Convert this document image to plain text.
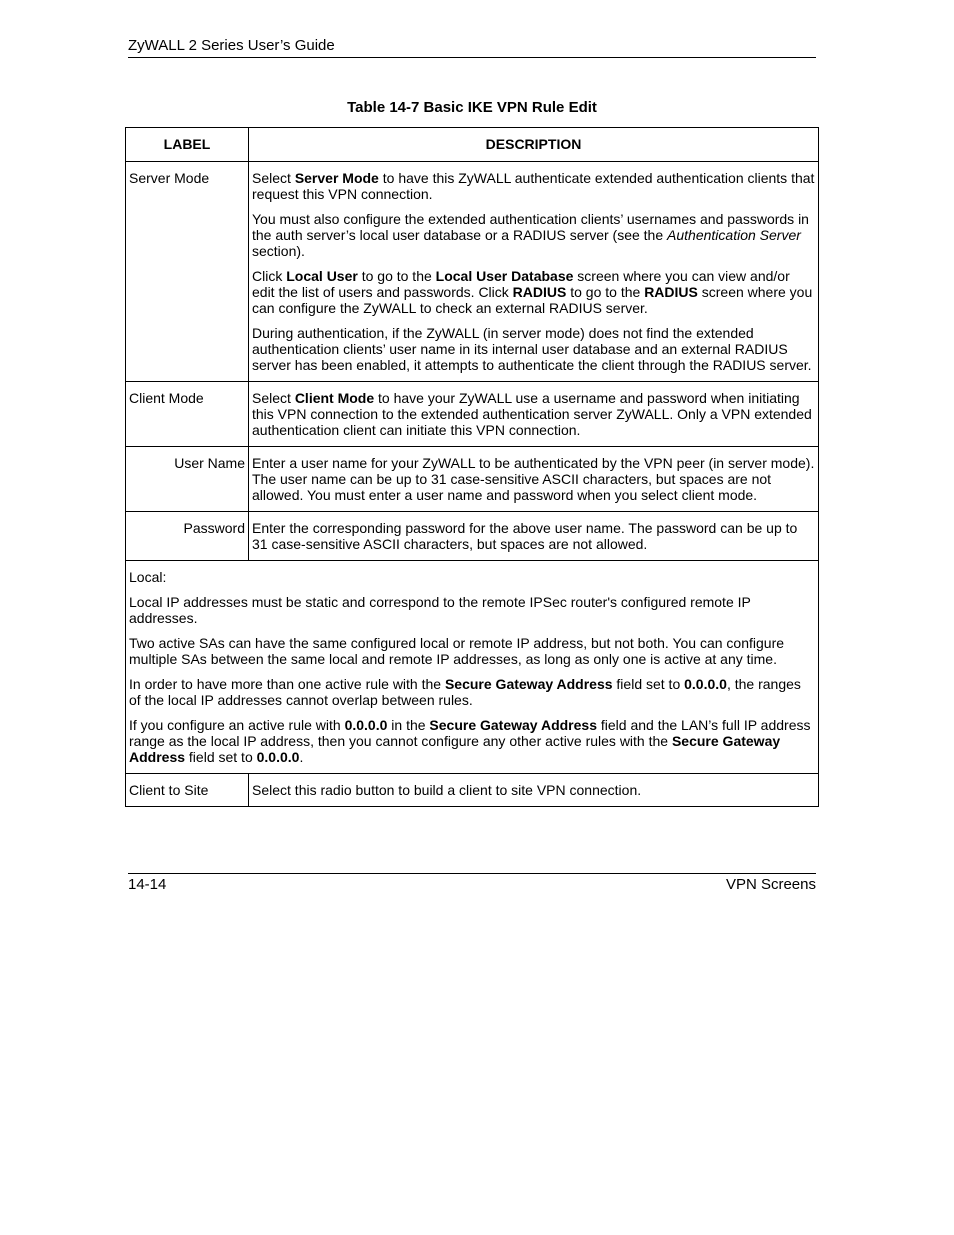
ZyWALL 2 Series User’s Guide
Table 14-7 Basic IKE VPN Rule Edit
LABEL	DESCRIPTION
Server Mode	Select Server Mode to have this ZyWALL authenticate extended authentication clients that request this VPN connection.

You must also configure the extended authentication clients’ usernames and passwords in the auth server’s local user database or a RADIUS server (see the Authentication Server section).

Click Local User to go to the Local User Database screen where you can view and/or edit the list of users and passwords. Click RADIUS to go to the RADIUS screen where you can configure the ZyWALL to check an external RADIUS server.

During authentication, if the ZyWALL (in server mode) does not find the extended authentication clients’ user name in its internal user database and an external RADIUS server has been enabled, it attempts to authenticate the client through the RADIUS server.

Client Mode	Select Client Mode to have your ZyWALL use a username and password when initiating this VPN connection to the extended authentication server ZyWALL. Only a VPN extended authentication client can initiate this VPN connection.

User Name	Enter a user name for your ZyWALL to be authenticated by the VPN peer (in server mode). The user name can be up to 31 case-sensitive ASCII characters, but spaces are not allowed. You must enter a user name and password when you select client mode.
Password	Enter the corresponding password for the above user name. The password can be up to 31 case-sensitive ASCII characters, but spaces are not allowed.

Local:

Local IP addresses must be static and correspond to the remote IPSec router's configured remote IP addresses.

Two active SAs can have the same configured local or remote IP address, but not both. You can configure multiple SAs between the same local and remote IP addresses, as long as only one is active at any time.

In order to have more than one active rule with the Secure Gateway Address field set to 0.0.0.0, the ranges of the local IP addresses cannot overlap between rules.

If you configure an active rule with 0.0.0.0 in the Secure Gateway Address field and the LAN’s full IP address range as the local IP address, then you cannot configure any other active rules with the Secure Gateway Address field set to 0.0.0.0.	

Client to Site	Select this radio button to build a client to site VPN connection.
14-14	VPN Screens
